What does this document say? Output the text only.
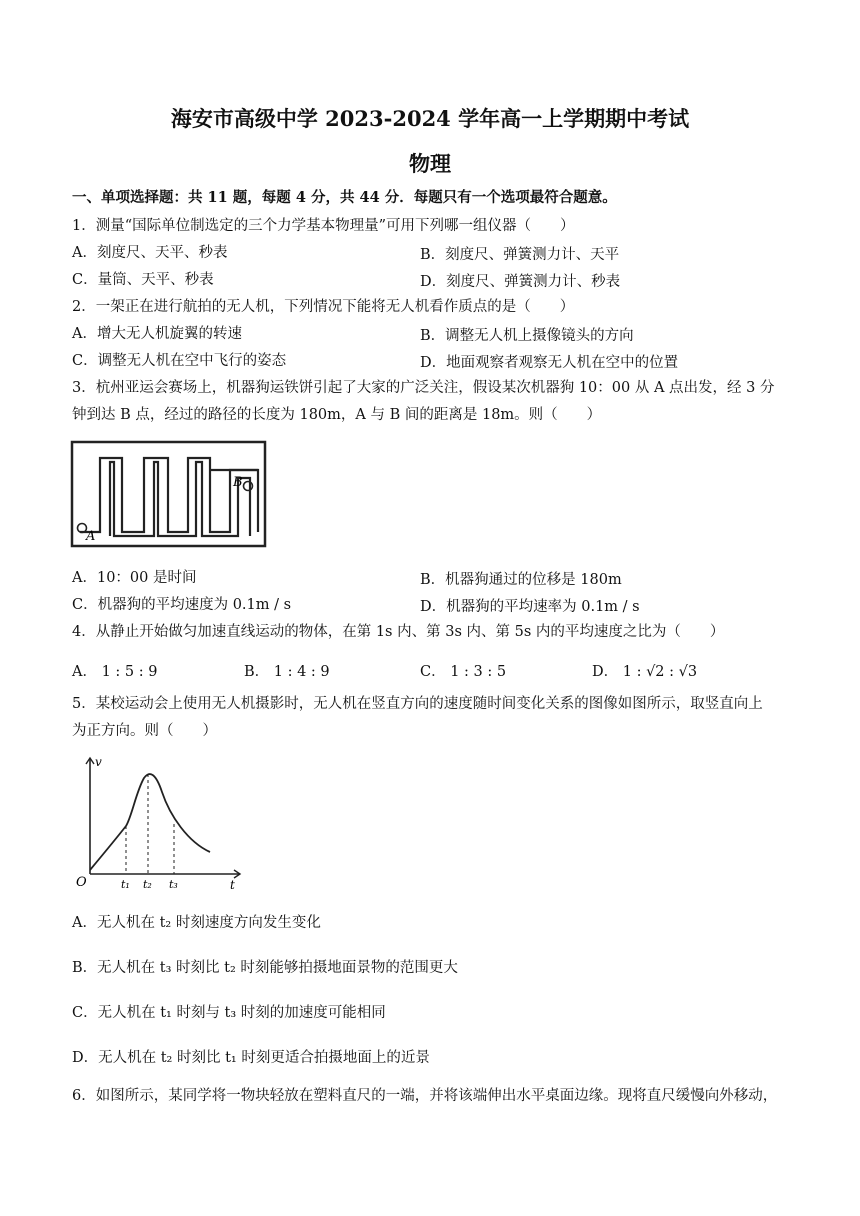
海安市高级中学 2023-2024 学年高一上学期期中考试
物理
一、单项选择题：共 11 题，每题 4 分，共 44 分．每题只有一个选项最符合题意。
1．测量“国际单位制选定的三个力学基本物理量”可用下列哪一组仪器（　　）
A．刻度尺、天平、秒表	B．刻度尺、弹簧测力计、天平
C．量筒、天平、秒表	D．刻度尺、弹簧测力计、秒表
2．一架正在进行航拍的无人机，下列情况下能将无人机看作质点的是（　　）
A．增大无人机旋翼的转速	B．调整无人机上摄像镜头的方向
C．调整无人机在空中飞行的姿态	D．地面观察者观察无人机在空中的位置
3．杭州亚运会赛场上，机器狗运铁饼引起了大家的广泛关注，假设某次机器狗 10：00 从 A 点出发，经 3 分
钟到达 B 点，经过的路径的长度为 180m，A 与 B 间的距离是 18m。则（　　）
A
B
A．10：00 是时间	B．机器狗通过的位移是 180m
C．机器狗的平均速度为 0.1m / s	D．机器狗的平均速率为 0.1m / s
4．从静止开始做匀加速直线运动的物体，在第 1s 内、第 3s 内、第 5s 内的平均速度之比为（　　）
A． 1 : 5 : 9	B． 1 : 4 : 9	C． 1 : 3 : 5	D． 1 : √2 : √3
5．某校运动会上使用无人机摄影时，无人机在竖直方向的速度随时间变化关系的图像如图所示，取竖直向上
为正方向。则（　　）
v
t
O	t₁ t₂ t₃
A．无人机在 t₂ 时刻速度方向发生变化
B．无人机在 t₃ 时刻比 t₂ 时刻能够拍摄地面景物的范围更大
C．无人机在 t₁ 时刻与 t₃ 时刻的加速度可能相同
D．无人机在 t₂ 时刻比 t₁ 时刻更适合拍摄地面上的近景
6．如图所示，某同学将一物块轻放在塑料直尺的一端，并将该端伸出水平桌面边缘。现将直尺缓慢向外移动，
